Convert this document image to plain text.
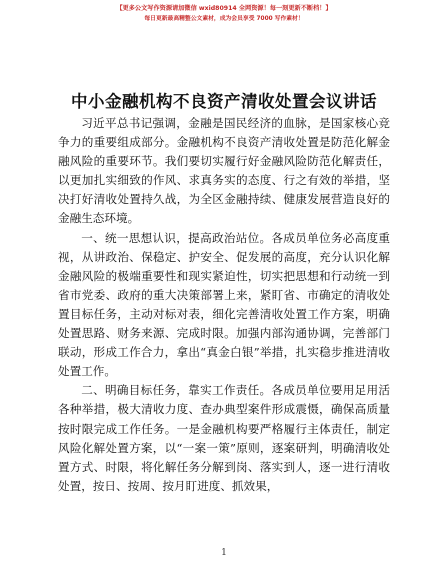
【更多公文写作资源请加微信 wxid80914 全网资源！每一刻更新不断档！】
每日更新最高精整公文素材，成为会员享受 7000 写作素材！
中小金融机构不良资产清收处置会议讲话

习近平总书记强调，金融是国民经济的血脉，是国家核心竞争力的重要组成部分。金融机构不良资产清收处置是防范化解金融风险的重要环节。我们要切实履行好金融风险防范化解责任，以更加扎实细致的作风、求真务实的态度、行之有效的举措，坚决打好清收处置持久战，为全区金融持续、健康发展营造良好的金融生态环境。

一、统一思想认识，提高政治站位。各成员单位务必高度重视，从讲政治、保稳定、护安全、促发展的高度，充分认识化解金融风险的极端重要性和现实紧迫性，切实把思想和行动统一到省市党委、政府的重大决策部署上来，紧盯省、市确定的清收处置目标任务，主动对标对表，细化完善清收处置工作方案，明确处置思路、财务来源、完成时限。加强内部沟通协调，完善部门联动，形成工作合力，拿出“真金白银”举措，扎实稳步推进清收处置工作。

二、明确目标任务，靠实工作责任。各成员单位要用足用活各种举措，极大清收力度、查办典型案件形成震慑，确保高质量按时限完成工作任务。一是金融机构要严格履行主体责任，制定风险化解处置方案，以“一案一策”原则，逐案研判，明确清收处置方式、时限，将化解任务分解到岗、落实到人，逐一进行清收处置，按日、按周、按月盯进度、抓效果，

1
